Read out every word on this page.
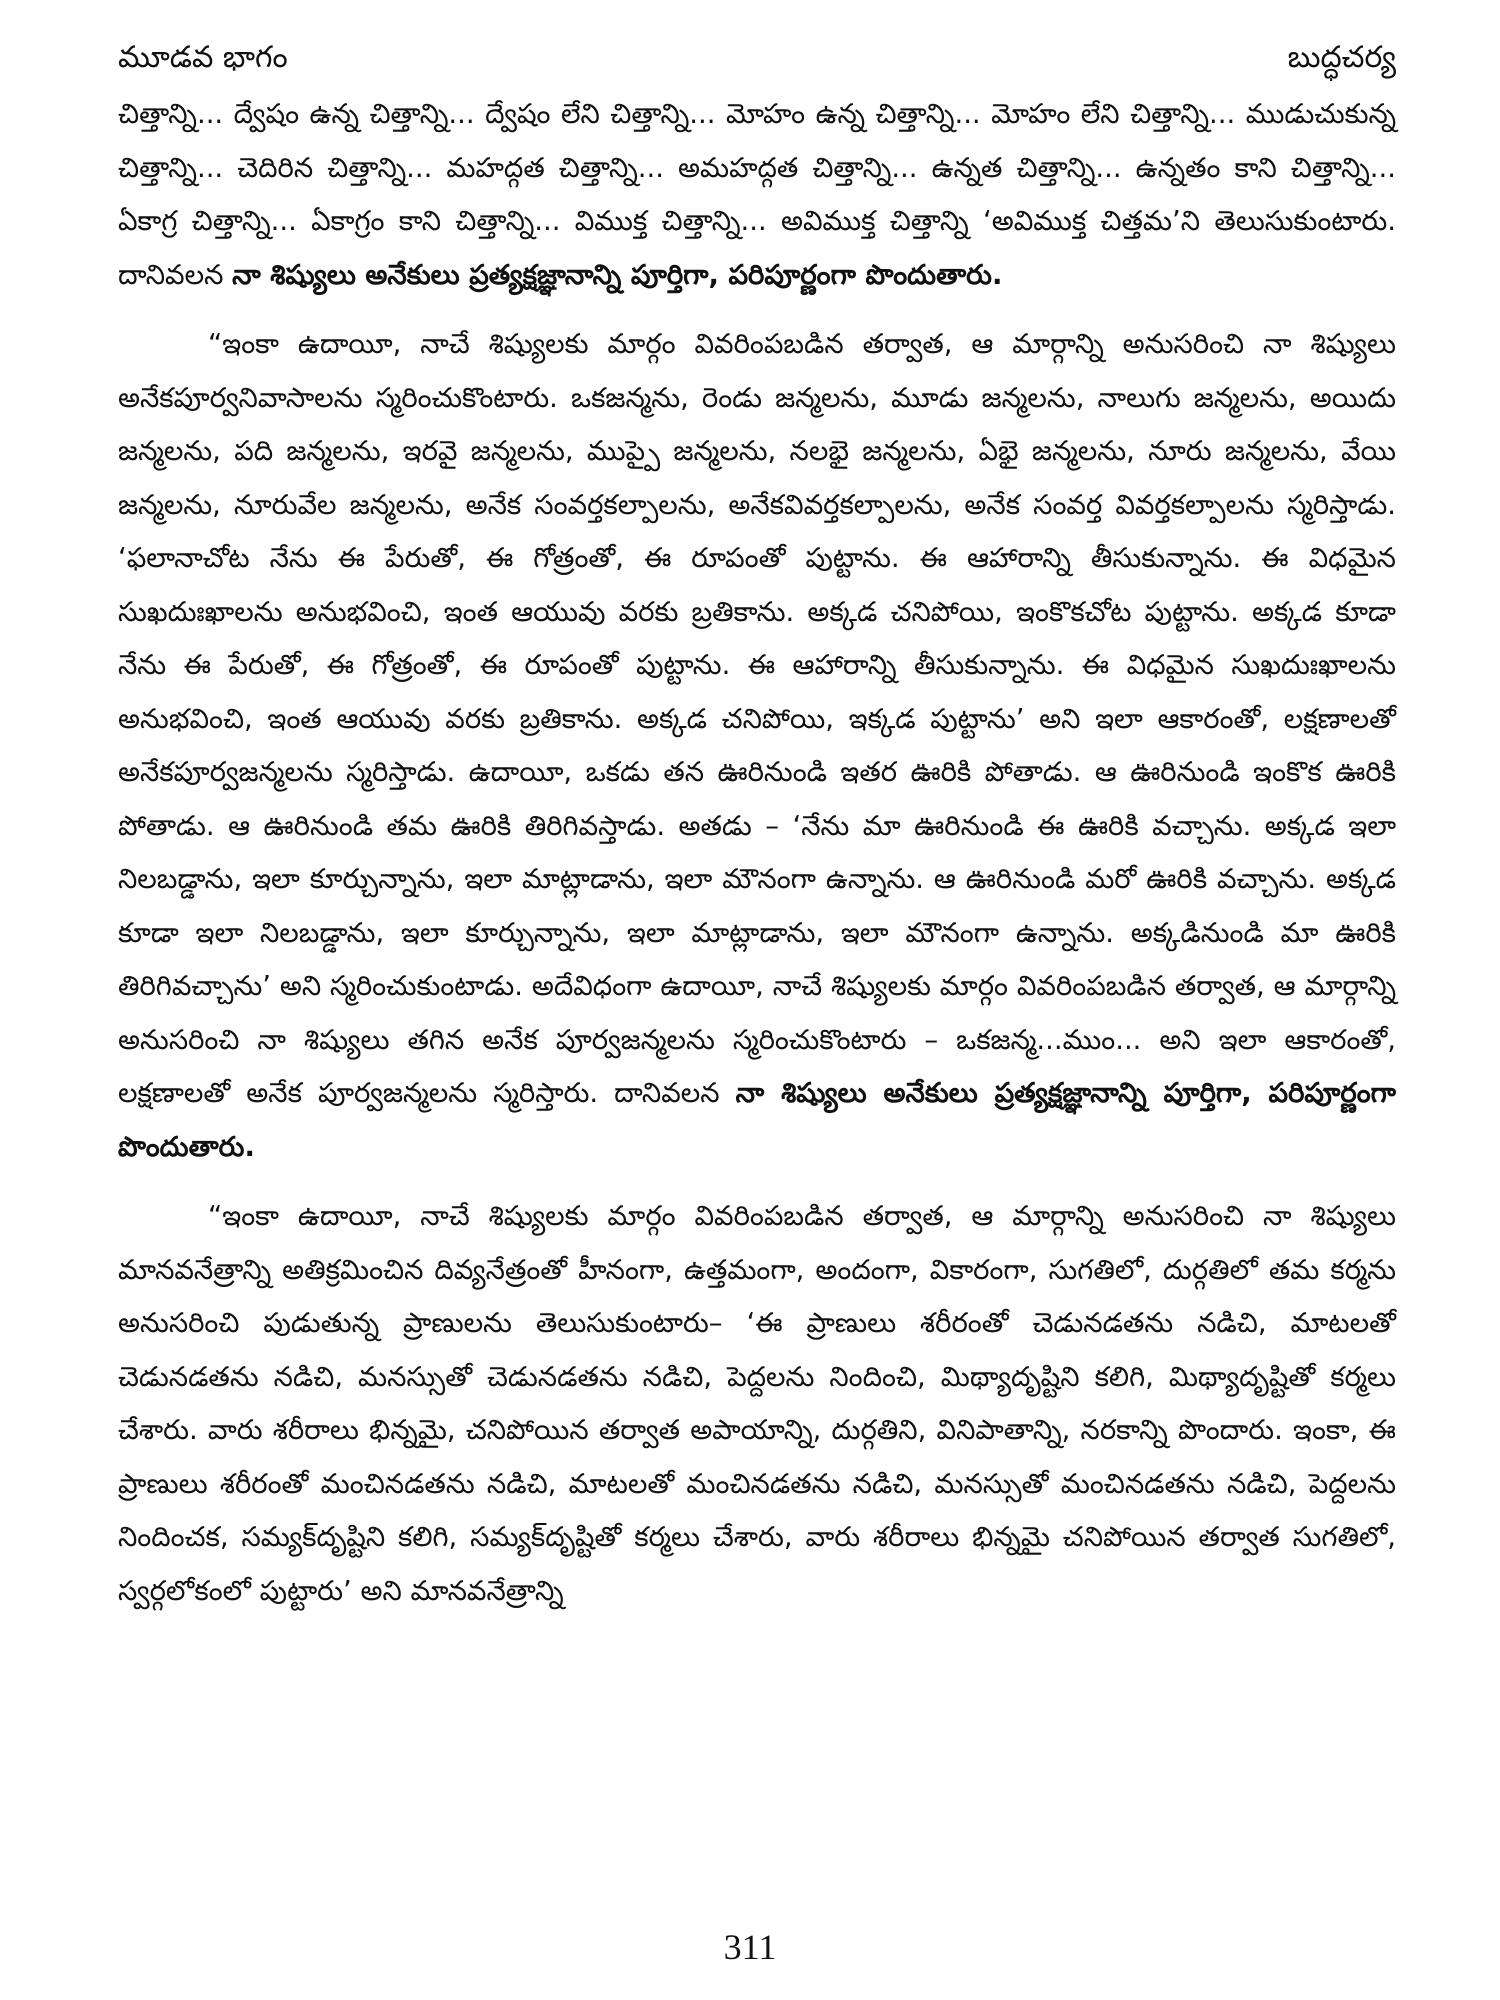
మూడవ భాగం	బుద్ధచర్య

చిత్తాన్ని... ద్వేషం ఉన్న చిత్తాన్ని... ద్వేషం లేని చిత్తాన్ని... మోహం ఉన్న చిత్తాన్ని... మోహం లేని చిత్తాన్ని... ముడుచుకున్న చిత్తాన్ని... చెదిరిన చిత్తాన్ని... మహద్గత చిత్తాన్ని... అమహద్గత చిత్తాన్ని... ఉన్నత చిత్తాన్ని... ఉన్నతం కాని చిత్తాన్ని... ఏకాగ్ర చిత్తాన్ని... ఏకాగ్రం కాని చిత్తాన్ని... విముక్త చిత్తాన్ని... అవిముక్త చిత్తాన్ని ‘అవిముక్త చిత్తమ’ని తెలుసుకుంటారు. దానివలన నా శిష్యులు అనేకులు ప్రత్యక్షజ్ఞానాన్ని పూర్తిగా, పరిపూర్ణంగా పొందుతారు.

“ఇంకా ఉదాయీ, నాచే శిష్యులకు మార్గం వివరింపబడిన తర్వాత, ఆ మార్గాన్ని అనుసరించి నా శిష్యులు అనేకపూర్వనివాసాలను స్మరించుకొంటారు. ఒకజన్మను, రెండు జన్మలను, మూడు జన్మలను, నాలుగు జన్మలను, అయిదు జన్మలను, పది జన్మలను, ఇరవై జన్మలను, ముప్పై జన్మలను, నలభై జన్మలను, ఏభై జన్మలను, నూరు జన్మలను, వేయి జన్మలను, నూరువేల జన్మలను, అనేక సంవర్తకల్పాలను, అనేకవివర్తకల్పాలను, అనేక సంవర్త వివర్తకల్పాలను స్మరిస్తాడు. ‘ఫలానాచోట నేను ఈ పేరుతో, ఈ గోత్రంతో, ఈ రూపంతో పుట్టాను. ఈ ఆహారాన్ని తీసుకున్నాను. ఈ విధమైన సుఖదుఃఖాలను అనుభవించి, ఇంత ఆయువు వరకు బ్రతికాను. అక్కడ చనిపోయి, ఇంకొకచోట పుట్టాను. అక్కడ కూడా నేను ఈ పేరుతో, ఈ గోత్రంతో, ఈ రూపంతో పుట్టాను. ఈ ఆహారాన్ని తీసుకున్నాను. ఈ విధమైన సుఖదుఃఖాలను అనుభవించి, ఇంత ఆయువు వరకు బ్రతికాను. అక్కడ చనిపోయి, ఇక్కడ పుట్టాను’ అని ఇలా ఆకారంతో, లక్షణాలతో అనేకపూర్వజన్మలను స్మరిస్తాడు. ఉదాయీ, ఒకడు తన ఊరినుండి ఇతర ఊరికి పోతాడు. ఆ ఊరినుండి ఇంకొక ఊరికి పోతాడు. ఆ ఊరినుండి తమ ఊరికి తిరిగివస్తాడు. అతడు – ‘నేను మా ఊరినుండి ఈ ఊరికి వచ్చాను. అక్కడ ఇలా నిలబడ్డాను, ఇలా కూర్చున్నాను, ఇలా మాట్లాడాను, ఇలా మౌనంగా ఉన్నాను. ఆ ఊరినుండి మరో ఊరికి వచ్చాను. అక్కడ కూడా ఇలా నిలబడ్డాను, ఇలా కూర్చున్నాను, ఇలా మాట్లాడాను, ఇలా మౌనంగా ఉన్నాను. అక్కడినుండి మా ఊరికి తిరిగివచ్చాను’ అని స్మరించుకుంటాడు. అదేవిధంగా ఉదాయీ, నాచే శిష్యులకు మార్గం వివరింపబడిన తర్వాత, ఆ మార్గాన్ని అనుసరించి నా శిష్యులు తగిన అనేక పూర్వజన్మలను స్మరించుకొంటారు – ఒకజన్మ...ముం... అని ఇలా ఆకారంతో, లక్షణాలతో అనేక పూర్వజన్మలను స్మరిస్తారు. దానివలన నా శిష్యులు అనేకులు ప్రత్యక్షజ్ఞానాన్ని పూర్తిగా, పరిపూర్ణంగా పొందుతారు.

“ఇంకా ఉదాయీ, నాచే శిష్యులకు మార్గం వివరింపబడిన తర్వాత, ఆ మార్గాన్ని అనుసరించి నా శిష్యులు మానవనేత్రాన్ని అతిక్రమించిన దివ్యనేత్రంతో హీనంగా, ఉత్తమంగా, అందంగా, వికారంగా, సుగతిలో, దుర్గతిలో తమ కర్మను అనుసరించి పుడుతున్న ప్రాణులను తెలుసుకుంటారు– ‘ఈ ప్రాణులు శరీరంతో చెడునడతను నడిచి, మాటలతో చెడునడతను నడిచి, మనస్సుతో చెడునడతను నడిచి, పెద్దలను నిందించి, మిథ్యాదృష్టిని కలిగి, మిథ్యాదృష్టితో కర్మలు చేశారు. వారు శరీరాలు భిన్నమై, చనిపోయిన తర్వాత అపాయాన్ని, దుర్గతిని, వినిపాతాన్ని, నరకాన్ని పొందారు. ఇంకా, ఈ ప్రాణులు శరీరంతో మంచినడతను నడిచి, మాటలతో మంచినడతను నడిచి, మనస్సుతో మంచినడతను నడిచి, పెద్దలను నిందించక, సమ్యక్‌దృష్టిని కలిగి, సమ్యక్‌దృష్టితో కర్మలు చేశారు, వారు శరీరాలు భిన్నమై చనిపోయిన తర్వాత సుగతిలో, స్వర్గలోకంలో పుట్టారు’ అని మానవనేత్రాన్ని

311
